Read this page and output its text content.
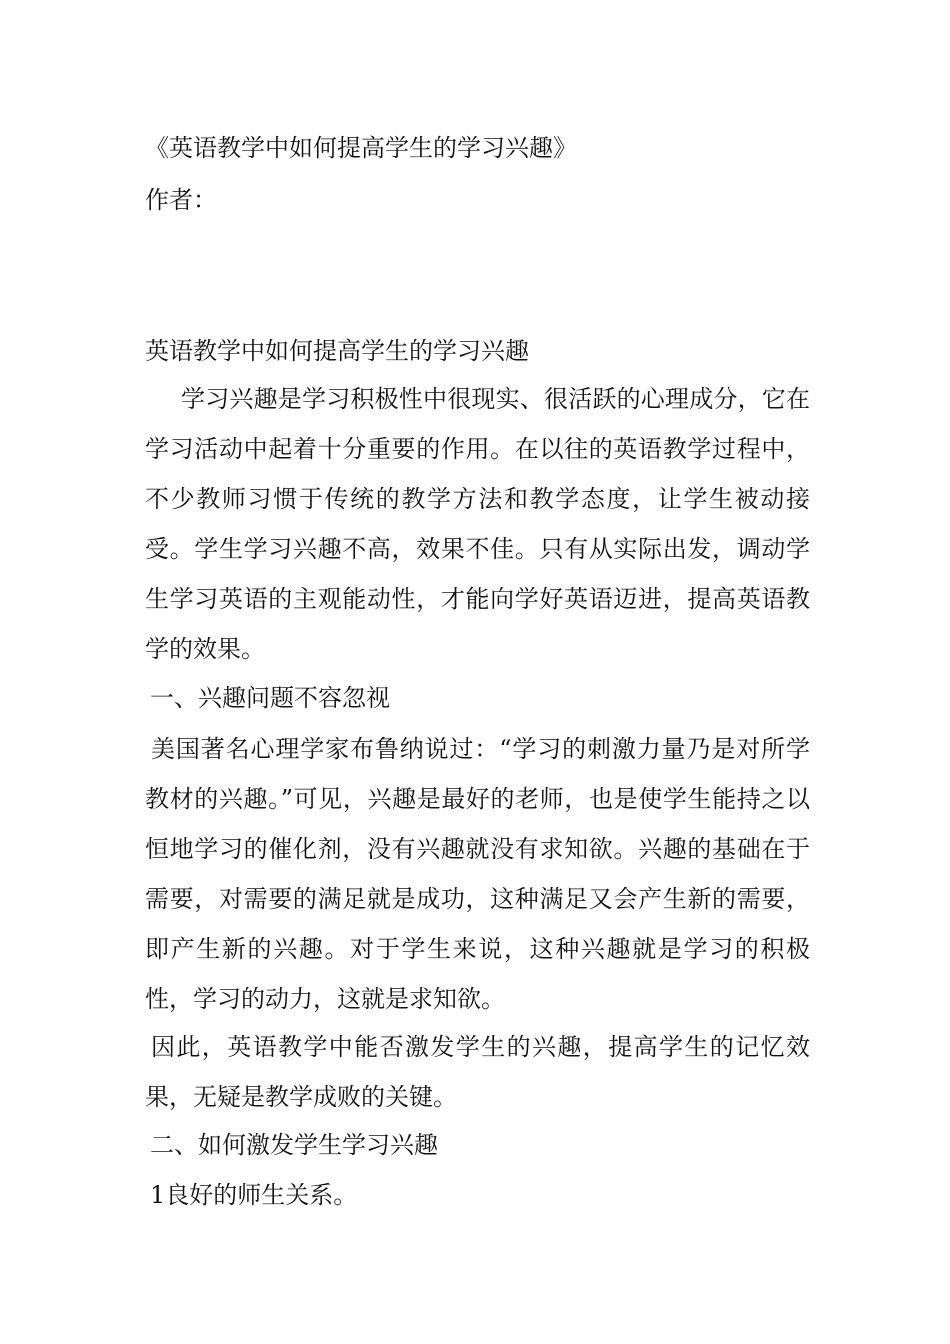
《英语教学中如何提高学生的学习兴趣》

作者：

英语教学中如何提高学生的学习兴趣

学习兴趣是学习积极性中很现实、很活跃的心理成分，它在学习活动中起着十分重要的作用。在以往的英语教学过程中，不少教师习惯于传统的教学方法和教学态度，让学生被动接受。学生学习兴趣不高，效果不佳。只有从实际出发，调动学生学习英语的主观能动性，才能向学好英语迈进，提高英语教学的效果。

一、兴趣问题不容忽视

美国著名心理学家布鲁纳说过：“学习的刺激力量乃是对所学教材的兴趣。”可见，兴趣是最好的老师，也是使学生能持之以恒地学习的催化剂，没有兴趣就没有求知欲。兴趣的基础在于需要，对需要的满足就是成功，这种满足又会产生新的需要，即产生新的兴趣。对于学生来说，这种兴趣就是学习的积极性，学习的动力，这就是求知欲。

因此，英语教学中能否激发学生的兴趣，提高学生的记忆效果，无疑是教学成败的关键。

二、如何激发学生学习兴趣

1良好的师生关系。
